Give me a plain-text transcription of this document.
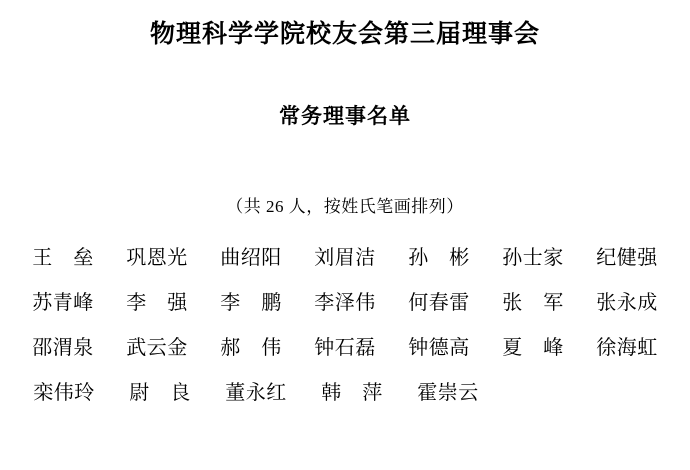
物理科学学院校友会第三届理事会
常务理事名单
（共 26 人，按姓氏笔画排列）
王　垒	巩恩光	曲绍阳	刘眉洁	孙　彬	孙士家	纪健强
苏青峰	李　强	李　鹏	李泽伟	何春雷	张　军	张永成
邵渭泉	武云金	郝　伟	钟石磊	钟德高	夏　峰	徐海虹
栾伟玲	尉　良	董永红	韩　萍	霍崇云
